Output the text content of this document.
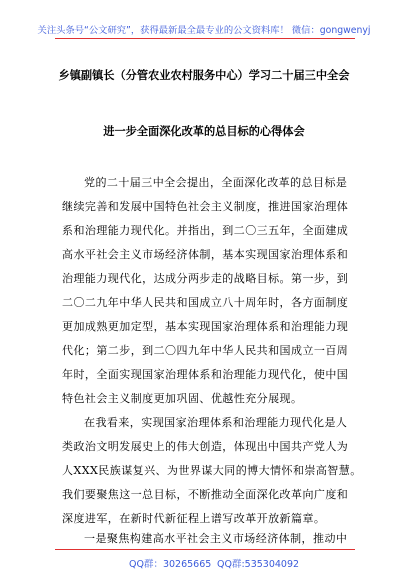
关注头条号“公文研究”，获得最新最全最专业的公文资料库！ 微信：gongwenyj
乡镇副镇长（分管农业农村服务中心）学习二十届三中全会
进一步全面深化改革的总目标的心得体会
党的二十届三中全会提出，全面深化改革的总目标是
继续完善和发展中国特色社会主义制度，推进国家治理体
系和治理能力现代化。并指出，到二〇三五年，全面建成
高水平社会主义市场经济体制，基本实现国家治理体系和
治理能力现代化，达成分两步走的战略目标。第一步，到
二〇二九年中华人民共和国成立八十周年时，各方面制度
更加成熟更加定型，基本实现国家治理体系和治理能力现
代化；第二步，到二〇四九年中华人民共和国成立一百周
年时，全面实现国家治理体系和治理能力现代化，使中国
特色社会主义制度更加巩固、优越性充分展现。
在我看来，实现国家治理体系和治理能力现代化是人
类政治文明发展史上的伟大创造，体现出中国共产党人为
人XXX民族谋复兴、为世界谋大同的博大情怀和崇高智慧。
我们要聚焦这一总目标，不断推动全面深化改革向广度和
深度进军，在新时代新征程上谱写改革开放新篇章。
一是聚焦构建高水平社会主义市场经济体制，推动中
QQ群：30265665 QQ群:535304092
